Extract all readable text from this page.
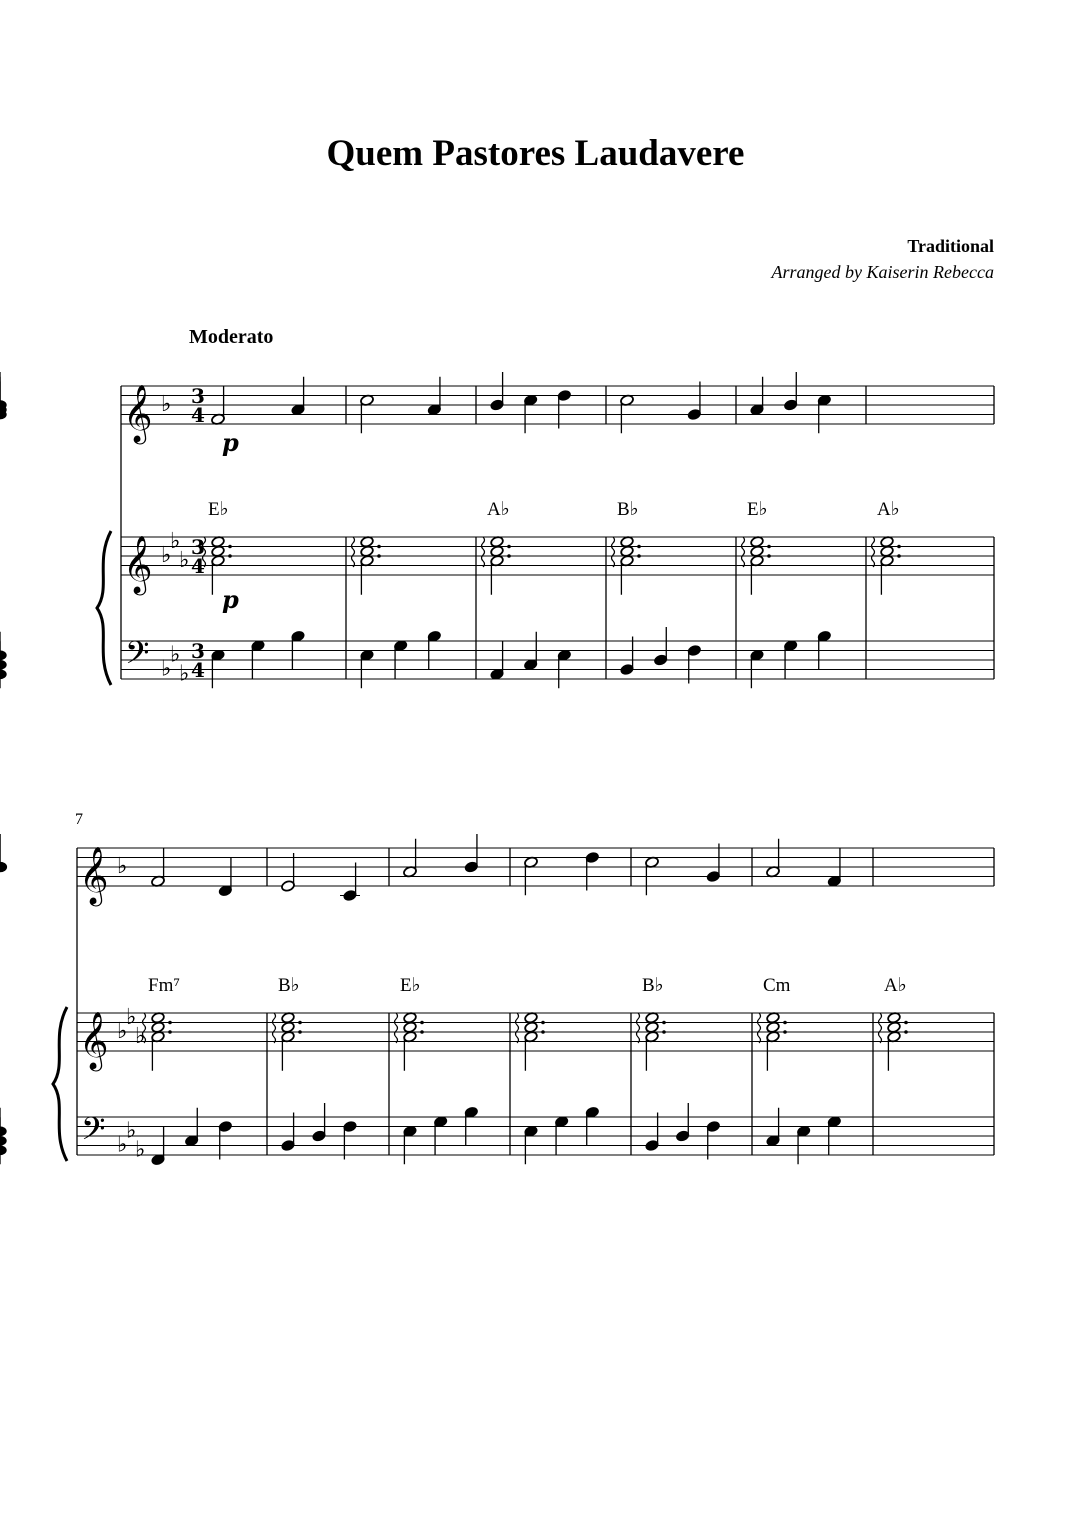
Quem Pastores Laudavere
Traditional
Arranged by Kaiserin Rebecca
Moderato
𝄞
𝄞
𝄢
♭
♭
♭
♭
♭
♭
♭
3
4
3
4
3
4
E♭	A♭	B♭	E♭	A♭
𝄞
𝄞
𝄢
♭
♭
♭
♭
♭
♭
♭
Fm⁷	B♭	E♭	B♭	Cm	A♭
7
p
p
